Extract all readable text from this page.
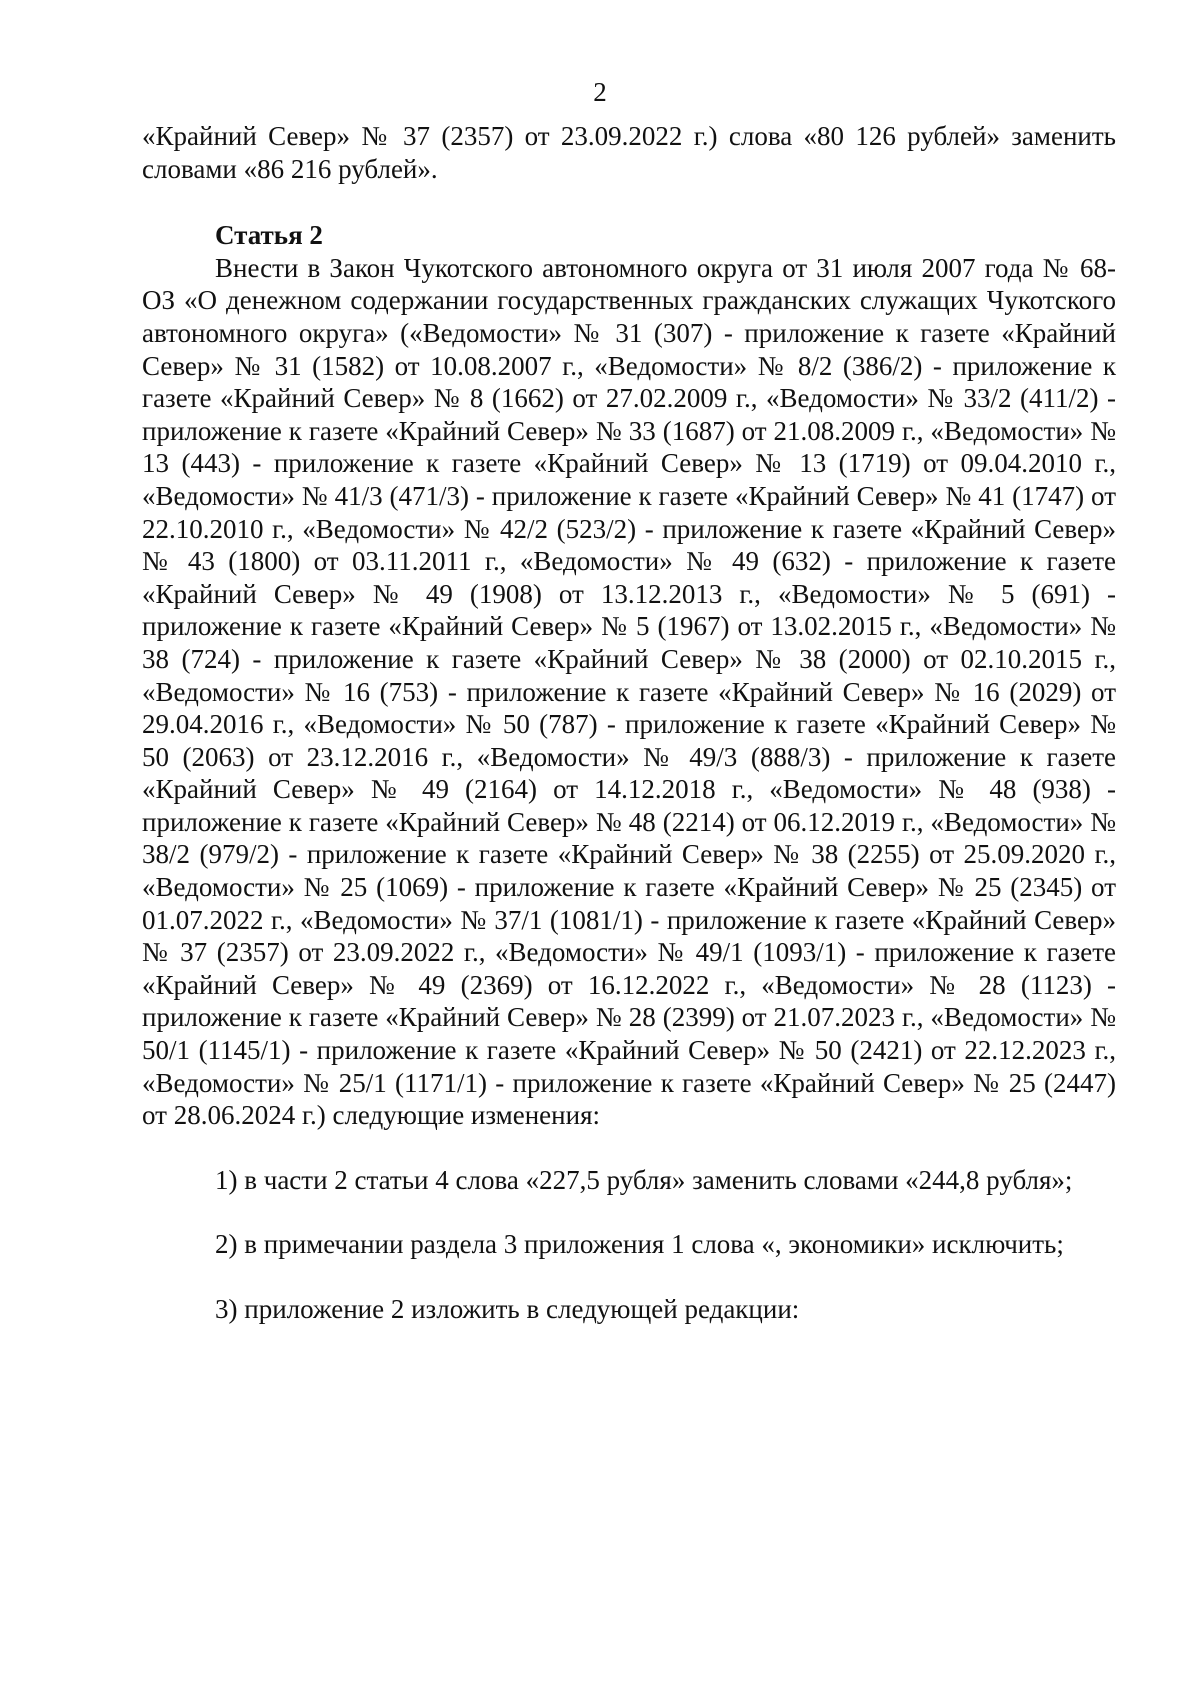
2

«Крайний Север» № 37 (2357) от 23.09.2022 г.) слова «80 126 рублей» заменить словами «86 216 рублей».

Статья 2

Внести в Закон Чукотского автономного округа от 31 июля 2007 года № 68-ОЗ «О денежном содержании государственных гражданских служащих Чукотского автономного округа» («Ведомости» № 31 (307) - приложение к газете «Крайний Север» № 31 (1582) от 10.08.2007 г., «Ведомости» № 8/2 (386/2) - приложение к газете «Крайний Север» № 8 (1662) от 27.02.2009 г., «Ведомости» № 33/2 (411/2) - приложение к газете «Крайний Север» № 33 (1687) от 21.08.2009 г., «Ведомости» № 13 (443) - приложение к газете «Крайний Север» № 13 (1719) от 09.04.2010 г., «Ведомости» № 41/3 (471/3) - приложение к газете «Крайний Север» № 41 (1747) от 22.10.2010 г., «Ведомости» № 42/2 (523/2) - приложение к газете «Крайний Север» № 43 (1800) от 03.11.2011 г., «Ведомости» № 49 (632) - приложение к газете «Крайний Север» № 49 (1908) от 13.12.2013 г., «Ведомости» № 5 (691) - приложение к газете «Крайний Север» № 5 (1967) от 13.02.2015 г., «Ведомости» № 38 (724) - приложение к газете «Крайний Север» № 38 (2000) от 02.10.2015 г., «Ведомости» № 16 (753) - приложение к газете «Крайний Север» № 16 (2029) от 29.04.2016 г., «Ведомости» № 50 (787) - приложение к газете «Крайний Север» № 50 (2063) от 23.12.2016 г., «Ведомости» № 49/3 (888/3) - приложение к газете «Крайний Север» № 49 (2164) от 14.12.2018 г., «Ведомости» № 48 (938) - приложение к газете «Крайний Север» № 48 (2214) от 06.12.2019 г., «Ведомости» № 38/2 (979/2) - приложение к газете «Крайний Север» № 38 (2255) от 25.09.2020 г., «Ведомости» № 25 (1069) - приложение к газете «Крайний Север» № 25 (2345) от 01.07.2022 г., «Ведомости» № 37/1 (1081/1) - приложение к газете «Крайний Север» № 37 (2357) от 23.09.2022 г., «Ведомости» № 49/1 (1093/1) - приложение к газете «Крайний Север» № 49 (2369) от 16.12.2022 г., «Ведомости» № 28 (1123) - приложение к газете «Крайний Север» № 28 (2399) от 21.07.2023 г., «Ведомости» № 50/1 (1145/1) - приложение к газете «Крайний Север» № 50 (2421) от 22.12.2023 г., «Ведомости» № 25/1 (1171/1) - приложение к газете «Крайний Север» № 25 (2447) от 28.06.2024 г.) следующие изменения:

1) в части 2 статьи 4 слова «227,5 рубля» заменить словами «244,8 рубля»;

2) в примечании раздела 3 приложения 1 слова «, экономики» исключить;

3) приложение 2 изложить в следующей редакции:
